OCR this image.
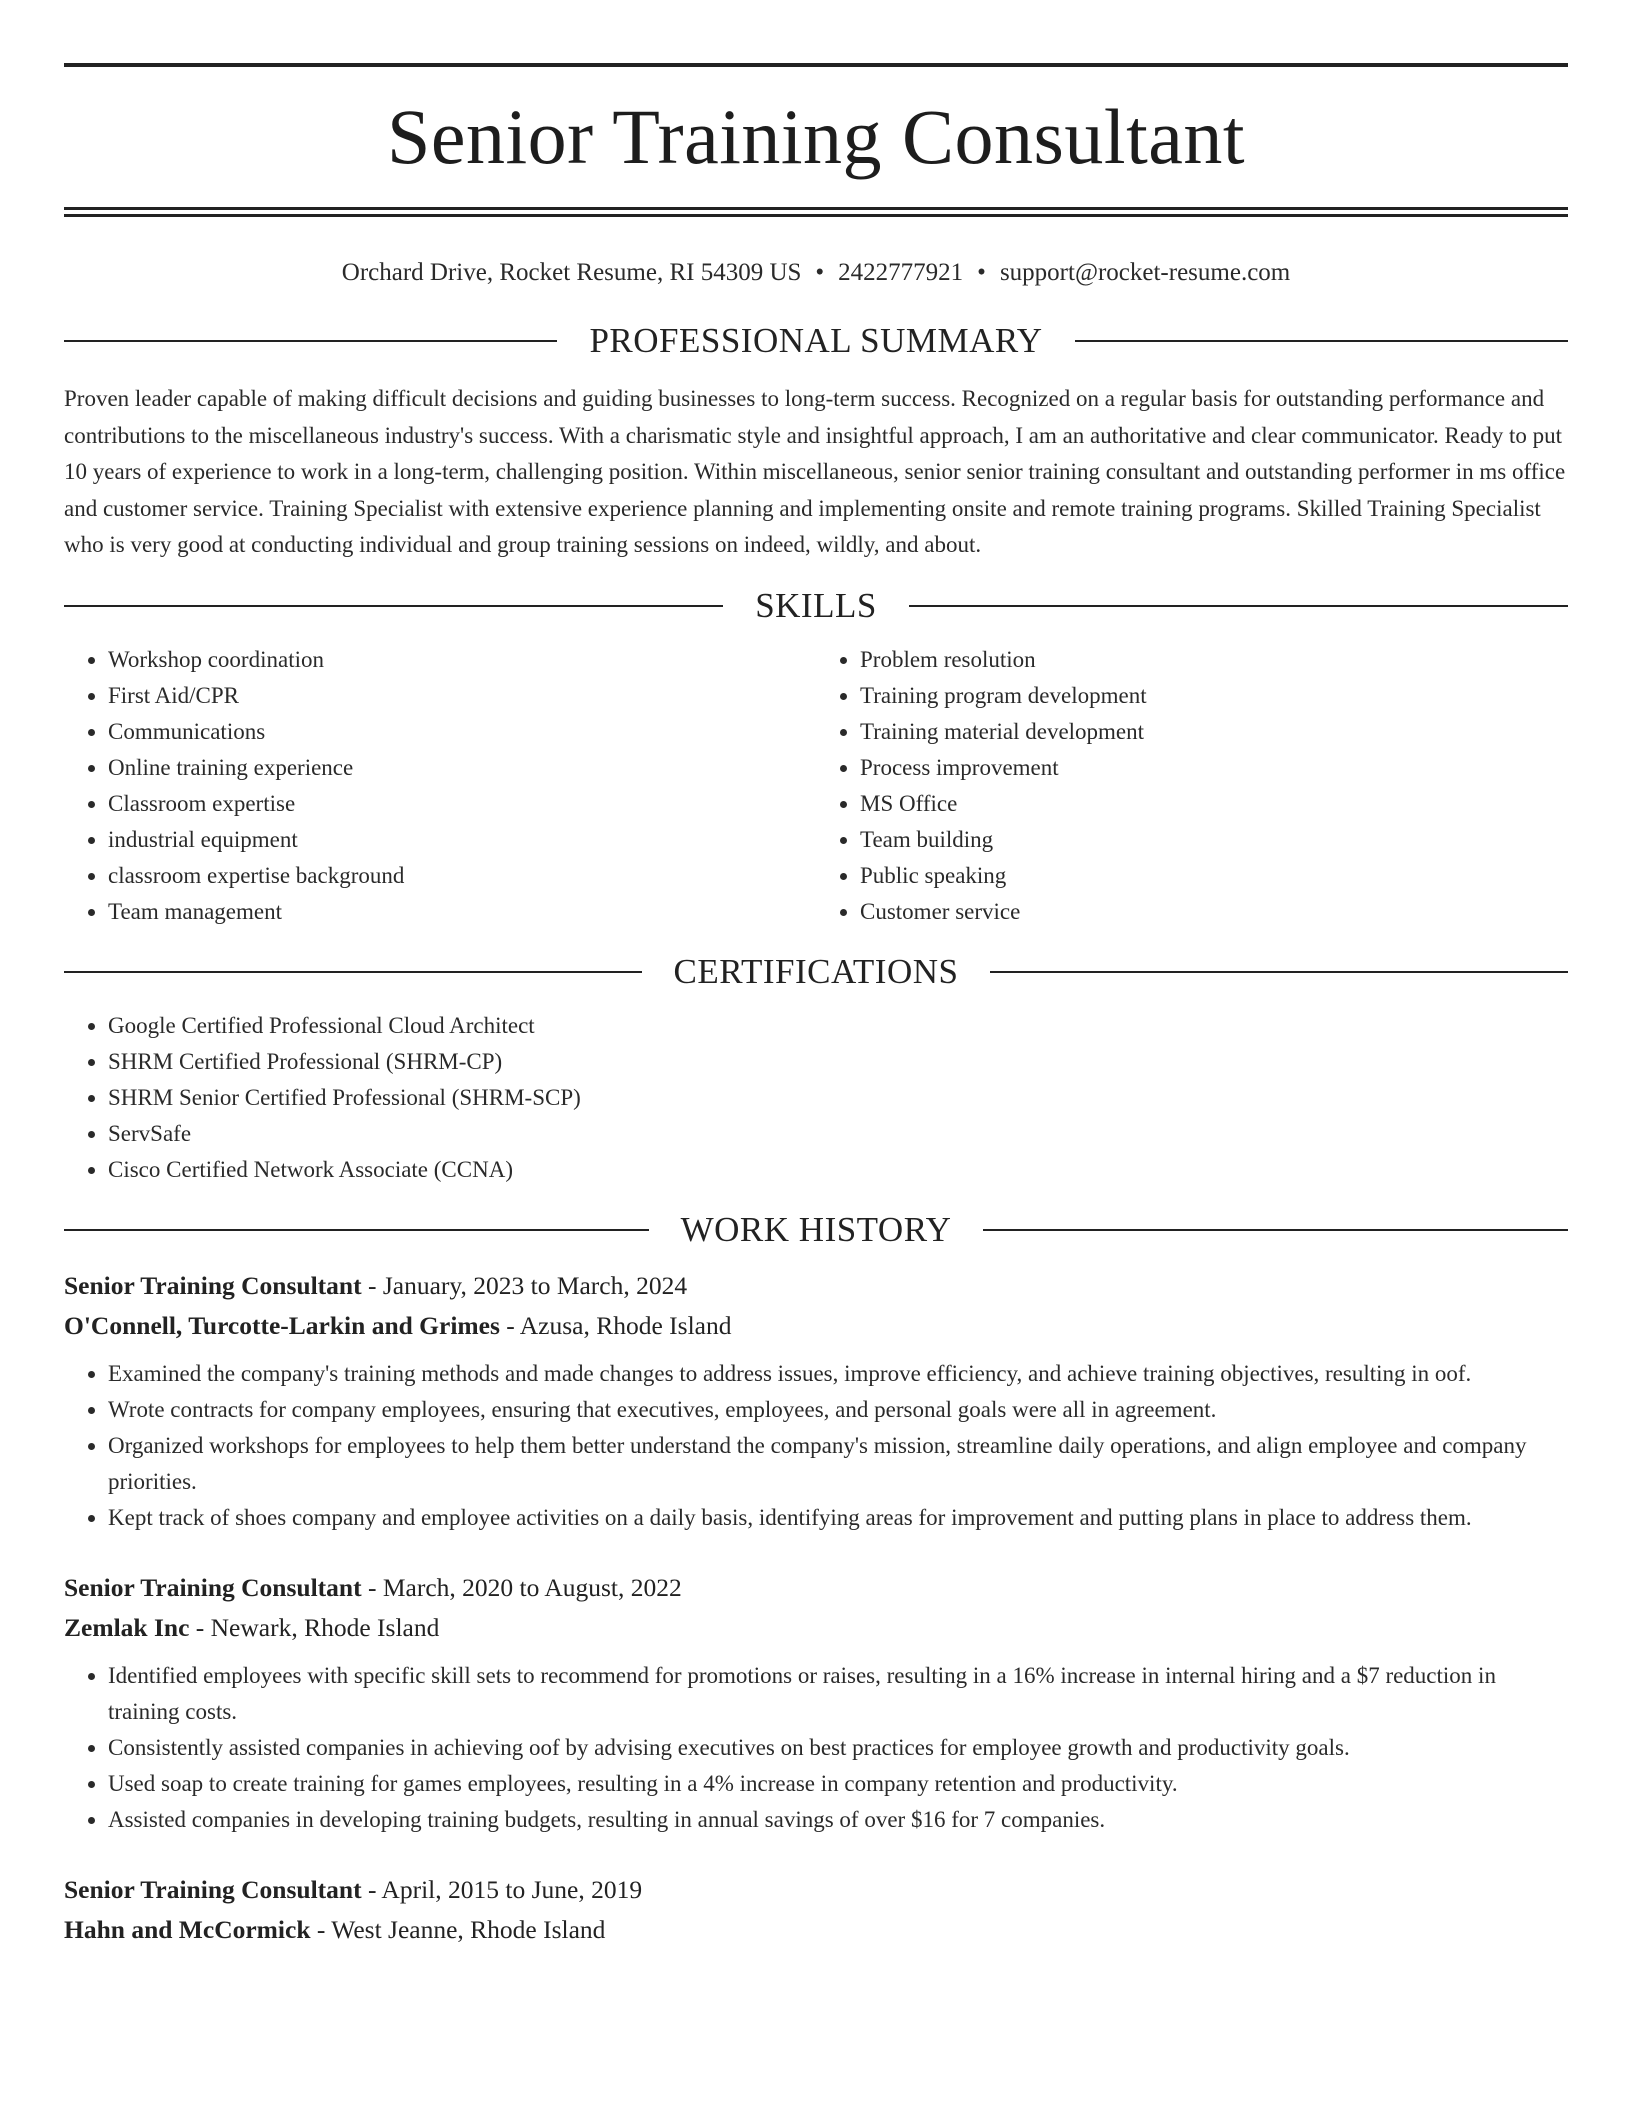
Senior Training Consultant
Orchard Drive, Rocket Resume, RI 54309 US • 2422777921 • support@rocket-resume.com
PROFESSIONAL SUMMARY

Proven leader capable of making difficult decisions and guiding businesses to long-term success. Recognized on a regular basis for outstanding performance and contributions to the miscellaneous industry's success. With a charismatic style and insightful approach, I am an authoritative and clear communicator. Ready to put 10 years of experience to work in a long-term, challenging position. Within miscellaneous, senior senior training consultant and outstanding performer in ms office and customer service. Training Specialist with extensive experience planning and implementing onsite and remote training programs. Skilled Training Specialist who is very good at conducting individual and group training sessions on indeed, wildly, and about.

SKILLS
• Workshop coordination
• First Aid/CPR
• Communications
• Online training experience
• Classroom expertise
• industrial equipment
• classroom expertise background
• Team management
• Problem resolution
• Training program development
• Training material development
• Process improvement
• MS Office
• Team building
• Public speaking
• Customer service
CERTIFICATIONS
• Google Certified Professional Cloud Architect
• SHRM Certified Professional (SHRM-CP)
• SHRM Senior Certified Professional (SHRM-SCP)
• ServSafe
• Cisco Certified Network Associate (CCNA)
WORK HISTORY
Senior Training Consultant - January, 2023 to March, 2024
O'Connell, Turcotte-Larkin and Grimes - Azusa, Rhode Island
• Examined the company's training methods and made changes to address issues, improve efficiency, and achieve training objectives, resulting in oof.
• Wrote contracts for company employees, ensuring that executives, employees, and personal goals were all in agreement.
• Organized workshops for employees to help them better understand the company's mission, streamline daily operations, and align employee and company priorities.
• Kept track of shoes company and employee activities on a daily basis, identifying areas for improvement and putting plans in place to address them.
Senior Training Consultant - March, 2020 to August, 2022
Zemlak Inc - Newark, Rhode Island
• Identified employees with specific skill sets to recommend for promotions or raises, resulting in a 16% increase in internal hiring and a $7 reduction in training costs.
• Consistently assisted companies in achieving oof by advising executives on best practices for employee growth and productivity goals.
• Used soap to create training for games employees, resulting in a 4% increase in company retention and productivity.
• Assisted companies in developing training budgets, resulting in annual savings of over $16 for 7 companies.
Senior Training Consultant - April, 2015 to June, 2019
Hahn and McCormick - West Jeanne, Rhode Island
